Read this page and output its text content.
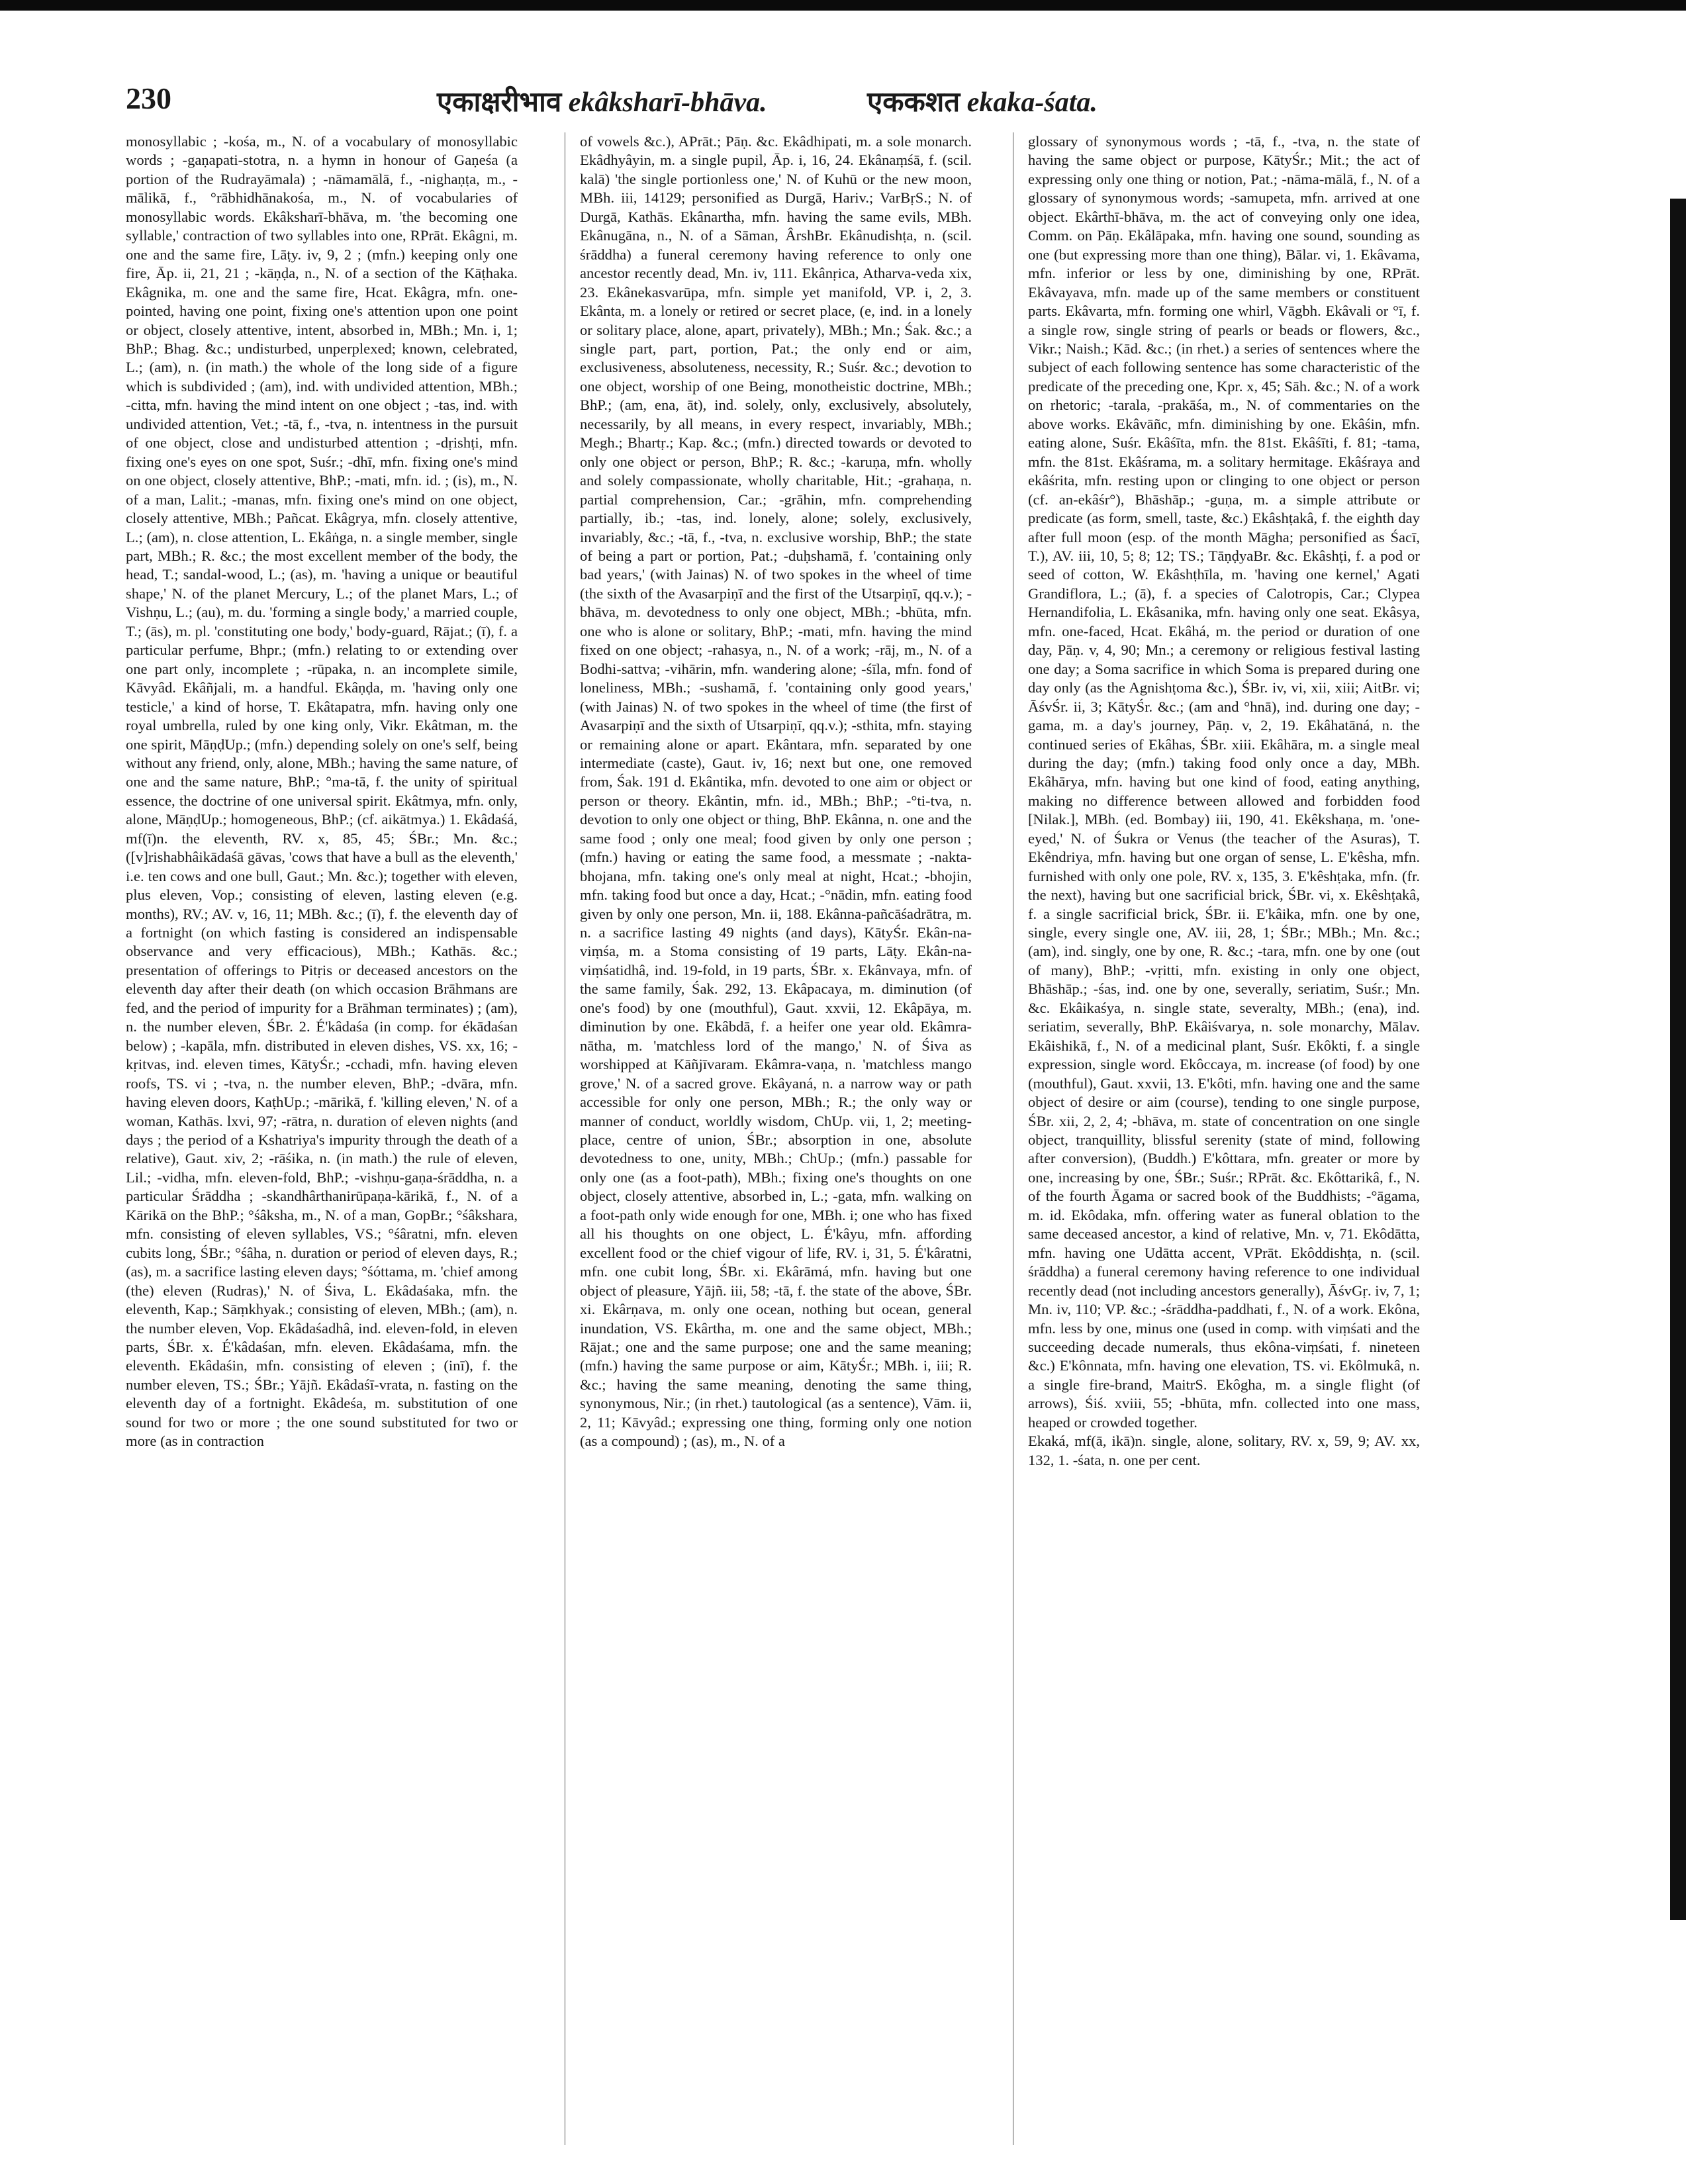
230	एकाक्षरीभाव ekâksharī-bhāva.	एककशत ekaka-śata.
monosyllabic ; -kośa, m., N. of a vocabulary of monosyllabic words ; -gaṇapati-stotra, n. a hymn in honour of Gaṇeśa (a portion of the Rudrayāmala) ; -nāmamālā, f., -nighaṇṭa, m., -mālikā, f., °rābhidhānakośa, m., N. of vocabularies of monosyllabic words. Ekâksharī-bhāva, m. 'the becoming one syllable,' contraction of two syllables into one, RPrāt. Ekâgni, m. one and the same fire, Lāṭy. iv, 9, 2 ; (mfn.) keeping only one fire, Āp. ii, 21, 21 ; -kāṇḍa, n., N. of a section of the Kāṭhaka. Ekâgnika, m. one and the same fire, Hcat. Ekâgra, mfn. one-pointed, having one point, fixing one's attention upon one point or object, closely attentive, intent, absorbed in, MBh.; Mn. i, 1; BhP.; Bhag. &c.; undisturbed, unperplexed; known, celebrated, L.; (am), n. (in math.) the whole of the long side of a figure which is subdivided ; (am), ind. with undivided attention, MBh.; -citta, mfn. having the mind intent on one object ; -tas, ind. with undivided attention, Vet.; -tā, f., -tva, n. intentness in the pursuit of one object, close and undisturbed attention ; -dṛishṭi, mfn. fixing one's eyes on one spot, Suśr.; -dhī, mfn. fixing one's mind on one object, closely attentive, BhP.; -mati, mfn. id. ; (is), m., N. of a man, Lalit.; -manas, mfn. fixing one's mind on one object, closely attentive, MBh.; Pañcat. Ekâgrya, mfn. closely attentive, L.; (am), n. close attention, L. Ekâṅga, n. a single member, single part, MBh.; R. &c.; the most excellent member of the body, the head, T.; sandal-wood, L.; (as), m. 'having a unique or beautiful shape,' N. of the planet Mercury, L.; of the planet Mars, L.; of Vishṇu, L.; (au), m. du. 'forming a single body,' a married couple, T.; (ās), m. pl. 'constituting one body,' body-guard, Rājat.; (ī), f. a particular perfume, Bhpr.; (mfn.) relating to or extending over one part only, incomplete ; -rūpaka, n. an incomplete simile, Kāvyâd. Ekâñjali, m. a handful. Ekâṇḍa, m. 'having only one testicle,' a kind of horse, T. Ekâtapatra, mfn. having only one royal umbrella, ruled by one king only, Vikr. Ekâtman, m. the one spirit, MāṇḍUp.; (mfn.) depending solely on one's self, being without any friend, only, alone, MBh.; having the same nature, of one and the same nature, BhP.; °ma-tā, f. the unity of spiritual essence, the doctrine of one universal spirit. Ekâtmya, mfn. only, alone, MāṇḍUp.; homogeneous, BhP.; (cf. aikātmya.) 1. Ekâdaśá, mf(ī)n. the eleventh, RV. x, 85, 45; ŚBr.; Mn. &c.; ([v]rishabhâikādaśā gāvas, 'cows that have a bull as the eleventh,' i.e. ten cows and one bull, Gaut.; Mn. &c.); together with eleven, plus eleven, Vop.; consisting of eleven, lasting eleven (e.g. months), RV.; AV. v, 16, 11; MBh. &c.; (ī), f. the eleventh day of a fortnight (on which fasting is considered an indispensable observance and very efficacious), MBh.; Kathās. &c.; presentation of offerings to Pitṛis or deceased ancestors on the eleventh day after their death (on which occasion Brāhmans are fed, and the period of impurity for a Brāhman terminates) ; (am), n. the number eleven, ŚBr. 2. É'kâdaśa (in comp. for ékādaśan below) ; -kapāla, mfn. distributed in eleven dishes, VS. xx, 16; -kṛitvas, ind. eleven times, KātyŚr.; -cchadi, mfn. having eleven roofs, TS. vi ; -tva, n. the number eleven, BhP.; -dvāra, mfn. having eleven doors, KaṭhUp.; -mārikā, f. 'killing eleven,' N. of a woman, Kathās. lxvi, 97; -rātra, n. duration of eleven nights (and days ; the period of a Kshatriya's impurity through the death of a relative), Gaut. xiv, 2; -rāśika, n. (in math.) the rule of eleven, Lil.; -vidha, mfn. eleven-fold, BhP.; -vishṇu-gaṇa-śrāddha, n. a particular Śrāddha ; -skandhârthanirūpaṇa-kārikā, f., N. of a Kārikā on the BhP.; °śâksha, m., N. of a man, GopBr.; °śâkshara, mfn. consisting of eleven syllables, VS.; °śâratni, mfn. eleven cubits long, ŚBr.; °śâha, n. duration or period of eleven days, R.; (as), m. a sacrifice lasting eleven days; °śóttama, m. 'chief among (the) eleven (Rudras),' N. of Śiva, L. Ekâdaśaka, mfn. the eleventh, Kap.; Sāṃkhyak.; consisting of eleven, MBh.; (am), n. the number eleven, Vop. Ekâdaśadhâ, ind. eleven-fold, in eleven parts, ŚBr. x. É'kâdaśan, mfn. eleven. Ekâdaśama, mfn. the eleventh. Ekâdaśin, mfn. consisting of eleven ; (inī), f. the number eleven, TS.; ŚBr.; Yājñ. Ekâdaśī-vrata, n. fasting on the eleventh day of a fortnight. Ekâdeśa, m. substitution of one sound for two or more ; the one sound substituted for two or more (as in contraction
of vowels &c.), APrāt.; Pāṇ. &c. Ekâdhipati, m. a sole monarch. Ekâdhyâyin, m. a single pupil, Āp. i, 16, 24. Ekânaṃśā, f. (scil. kalā) 'the single portionless one,' N. of Kuhū or the new moon, MBh. iii, 14129; personified as Durgā, Hariv.; VarBṛS.; N. of Durgā, Kathās. Ekânartha, mfn. having the same evils, MBh. Ekânugāna, n., N. of a Sāman, ÂrshBr. Ekânudishṭa, n. (scil. śrāddha) a funeral ceremony having reference to only one ancestor recently dead, Mn. iv, 111. Ekânṛica, Atharva-veda xix, 23. Ekânekasvarūpa, mfn. simple yet manifold, VP. i, 2, 3. Ekânta, m. a lonely or retired or secret place, (e, ind. in a lonely or solitary place, alone, apart, privately), MBh.; Mn.; Śak. &c.; a single part, part, portion, Pat.; the only end or aim, exclusiveness, absoluteness, necessity, R.; Suśr. &c.; devotion to one object, worship of one Being, monotheistic doctrine, MBh.; BhP.; (am, ena, āt), ind. solely, only, exclusively, absolutely, necessarily, by all means, in every respect, invariably, MBh.; Megh.; Bhartṛ.; Kap. &c.; (mfn.) directed towards or devoted to only one object or person, BhP.; R. &c.; -karuṇa, mfn. wholly and solely compassionate, wholly charitable, Hit.; -grahaṇa, n. partial comprehension, Car.; -grāhin, mfn. comprehending partially, ib.; -tas, ind. lonely, alone; solely, exclusively, invariably, &c.; -tā, f., -tva, n. exclusive worship, BhP.; the state of being a part or portion, Pat.; -duḥshamā, f. 'containing only bad years,' (with Jainas) N. of two spokes in the wheel of time (the sixth of the Avasarpiṇī and the first of the Utsarpiṇī, qq.v.); -bhāva, m. devotedness to only one object, MBh.; -bhūta, mfn. one who is alone or solitary, BhP.; -mati, mfn. having the mind fixed on one object; -rahasya, n., N. of a work; -rāj, m., N. of a Bodhi-sattva; -vihārin, mfn. wandering alone; -śīla, mfn. fond of loneliness, MBh.; -sushamā, f. 'containing only good years,' (with Jainas) N. of two spokes in the wheel of time (the first of Avasarpiṇī and the sixth of Utsarpiṇī, qq.v.); -sthita, mfn. staying or remaining alone or apart. Ekântara, mfn. separated by one intermediate (caste), Gaut. iv, 16; next but one, one removed from, Śak. 191 d. Ekântika, mfn. devoted to one aim or object or person or theory. Ekântin, mfn. id., MBh.; BhP.; -°ti-tva, n. devotion to only one object or thing, BhP. Ekânna, n. one and the same food ; only one meal; food given by only one person ; (mfn.) having or eating the same food, a messmate ; -nakta-bhojana, mfn. taking one's only meal at night, Hcat.; -bhojin, mfn. taking food but once a day, Hcat.; -°nādin, mfn. eating food given by only one person, Mn. ii, 188. Ekânna-pañcāśadrātra, m. n. a sacrifice lasting 49 nights (and days), KātyŚr. Ekân-na-viṃśa, m. a Stoma consisting of 19 parts, Lāṭy. Ekân-na-viṃśatidhâ, ind. 19-fold, in 19 parts, ŚBr. x. Ekânvaya, mfn. of the same family, Śak. 292, 13. Ekâpacaya, m. diminution (of one's food) by one (mouthful), Gaut. xxvii, 12. Ekâpāya, m. diminution by one. Ekâbdā, f. a heifer one year old. Ekâmra-nātha, m. 'matchless lord of the mango,' N. of Śiva as worshipped at Kāñjīvaram. Ekâmra-vaṇa, n. 'matchless mango grove,' N. of a sacred grove. Ekâyaná, n. a narrow way or path accessible for only one person, MBh.; R.; the only way or manner of conduct, worldly wisdom, ChUp. vii, 1, 2; meeting-place, centre of union, ŚBr.; absorption in one, absolute devotedness to one, unity, MBh.; ChUp.; (mfn.) passable for only one (as a foot-path), MBh.; fixing one's thoughts on one object, closely attentive, absorbed in, L.; -gata, mfn. walking on a foot-path only wide enough for one, MBh. i; one who has fixed all his thoughts on one object, L. É'kâyu, mfn. affording excellent food or the chief vigour of life, RV. i, 31, 5. É'kâratni, mfn. one cubit long, ŚBr. xi. Ekârāmá, mfn. having but one object of pleasure, Yājñ. iii, 58; -tā, f. the state of the above, ŚBr. xi. Ekârṇava, m. only one ocean, nothing but ocean, general inundation, VS. Ekârtha, m. one and the same object, MBh.; Rājat.; one and the same purpose; one and the same meaning; (mfn.) having the same purpose or aim, KātyŚr.; MBh. i, iii; R. &c.; having the same meaning, denoting the same thing, synonymous, Nir.; (in rhet.) tautological (as a sentence), Vām. ii, 2, 11; Kāvyâd.; expressing one thing, forming only one notion (as a compound) ; (as), m., N. of a
glossary of synonymous words ; -tā, f., -tva, n. the state of having the same object or purpose, KātyŚr.; Mit.; the act of expressing only one thing or notion, Pat.; -nāma-mālā, f., N. of a glossary of synonymous words; -samupeta, mfn. arrived at one object. Ekârthī-bhāva, m. the act of conveying only one idea, Comm. on Pāṇ. Ekâlāpaka, mfn. having one sound, sounding as one (but expressing more than one thing), Bālar. vi, 1. Ekâvama, mfn. inferior or less by one, diminishing by one, RPrāt. Ekâvayava, mfn. made up of the same members or constituent parts. Ekâvarta, mfn. forming one whirl, Vāgbh. Ekâvali or °ī, f. a single row, single string of pearls or beads or flowers, &c., Vikr.; Naish.; Kād. &c.; (in rhet.) a series of sentences where the subject of each following sentence has some characteristic of the predicate of the preceding one, Kpr. x, 45; Sāh. &c.; N. of a work on rhetoric; -tarala, -prakāśa, m., N. of commentaries on the above works. Ekâvāñc, mfn. diminishing by one. Ekâśin, mfn. eating alone, Suśr. Ekâśīta, mfn. the 81st. Ekâśīti, f. 81; -tama, mfn. the 81st. Ekâśrama, m. a solitary hermitage. Ekâśraya and ekâśrita, mfn. resting upon or clinging to one object or person (cf. an-ekâśr°), Bhāshāp.; -guṇa, m. a simple attribute or predicate (as form, smell, taste, &c.) Ekâshṭakâ, f. the eighth day after full moon (esp. of the month Māgha; personified as Śacī, T.), AV. iii, 10, 5; 8; 12; TS.; TāṇḍyaBr. &c. Ekâshṭi, f. a pod or seed of cotton, W. Ekâshṭhīla, m. 'having one kernel,' Agati Grandiflora, L.; (ā), f. a species of Calotropis, Car.; Clypea Hernandifolia, L. Ekâsanika, mfn. having only one seat. Ekâsya, mfn. one-faced, Hcat. Ekâhá, m. the period or duration of one day, Pāṇ. v, 4, 90; Mn.; a ceremony or religious festival lasting one day; a Soma sacrifice in which Soma is prepared during one day only (as the Agnishṭoma &c.), ŚBr. iv, vi, xii, xiii; AitBr. vi; ĀśvŚr. ii, 3; KātyŚr. &c.; (am and °hnā), ind. during one day; -gama, m. a day's journey, Pāṇ. v, 2, 19. Ekâhatāná, n. the continued series of Ekâhas, ŚBr. xiii. Ekâhāra, m. a single meal during the day; (mfn.) taking food only once a day, MBh. Ekâhārya, mfn. having but one kind of food, eating anything, making no difference between allowed and forbidden food [Nilak.], MBh. (ed. Bombay) iii, 190, 41. Ekêkshaṇa, m. 'one-eyed,' N. of Śukra or Venus (the teacher of the Asuras), T. Ekêndriya, mfn. having but one organ of sense, L. E'kêsha, mfn. furnished with only one pole, RV. x, 135, 3. E'kêshṭaka, mfn. (fr. the next), having but one sacrificial brick, ŚBr. vi, x. Ekêshṭakâ, f. a single sacrificial brick, ŚBr. ii. E'kâika, mfn. one by one, single, every single one, AV. iii, 28, 1; ŚBr.; MBh.; Mn. &c.; (am), ind. singly, one by one, R. &c.; -tara, mfn. one by one (out of many), BhP.; -vṛitti, mfn. existing in only one object, Bhāshāp.; -śas, ind. one by one, severally, seriatim, Suśr.; Mn. &c. Ekâikaśya, n. single state, severalty, MBh.; (ena), ind. seriatim, severally, BhP. Ekâiśvarya, n. sole monarchy, Mālav. Ekâishikā, f., N. of a medicinal plant, Suśr. Ekôkti, f. a single expression, single word. Ekôccaya, m. increase (of food) by one (mouthful), Gaut. xxvii, 13. E'kôti, mfn. having one and the same object of desire or aim (course), tending to one single purpose, ŚBr. xii, 2, 2, 4; -bhāva, m. state of concentration on one single object, tranquillity, blissful serenity (state of mind, following after conversion), (Buddh.) E'kôttara, mfn. greater or more by one, increasing by one, ŚBr.; Suśr.; RPrāt. &c. Ekôttarikâ, f., N. of the fourth Āgama or sacred book of the Buddhists; -°āgama, m. id. Ekôdaka, mfn. offering water as funeral oblation to the same deceased ancestor, a kind of relative, Mn. v, 71. Ekôdātta, mfn. having one Udātta accent, VPrāt. Ekôddishṭa, n. (scil. śrāddha) a funeral ceremony having reference to one individual recently dead (not including ancestors generally), ĀśvGṛ. iv, 7, 1; Mn. iv, 110; VP. &c.; -śrāddha-paddhati, f., N. of a work. Ekôna, mfn. less by one, minus one (used in comp. with viṃśati and the succeeding decade numerals, thus ekôna-viṃśati, f. nineteen &c.) E'kônnata, mfn. having one elevation, TS. vi. Ekôlmukâ, n. a single fire-brand, MaitrS. Ekôgha, m. a single flight (of arrows), Śiś. xviii, 55; -bhūta, mfn. collected into one mass, heaped or crowded together.
Ekaká, mf(ā, ikā)n. single, alone, solitary, RV. x, 59, 9; AV. xx, 132, 1. -śata, n. one per cent.
